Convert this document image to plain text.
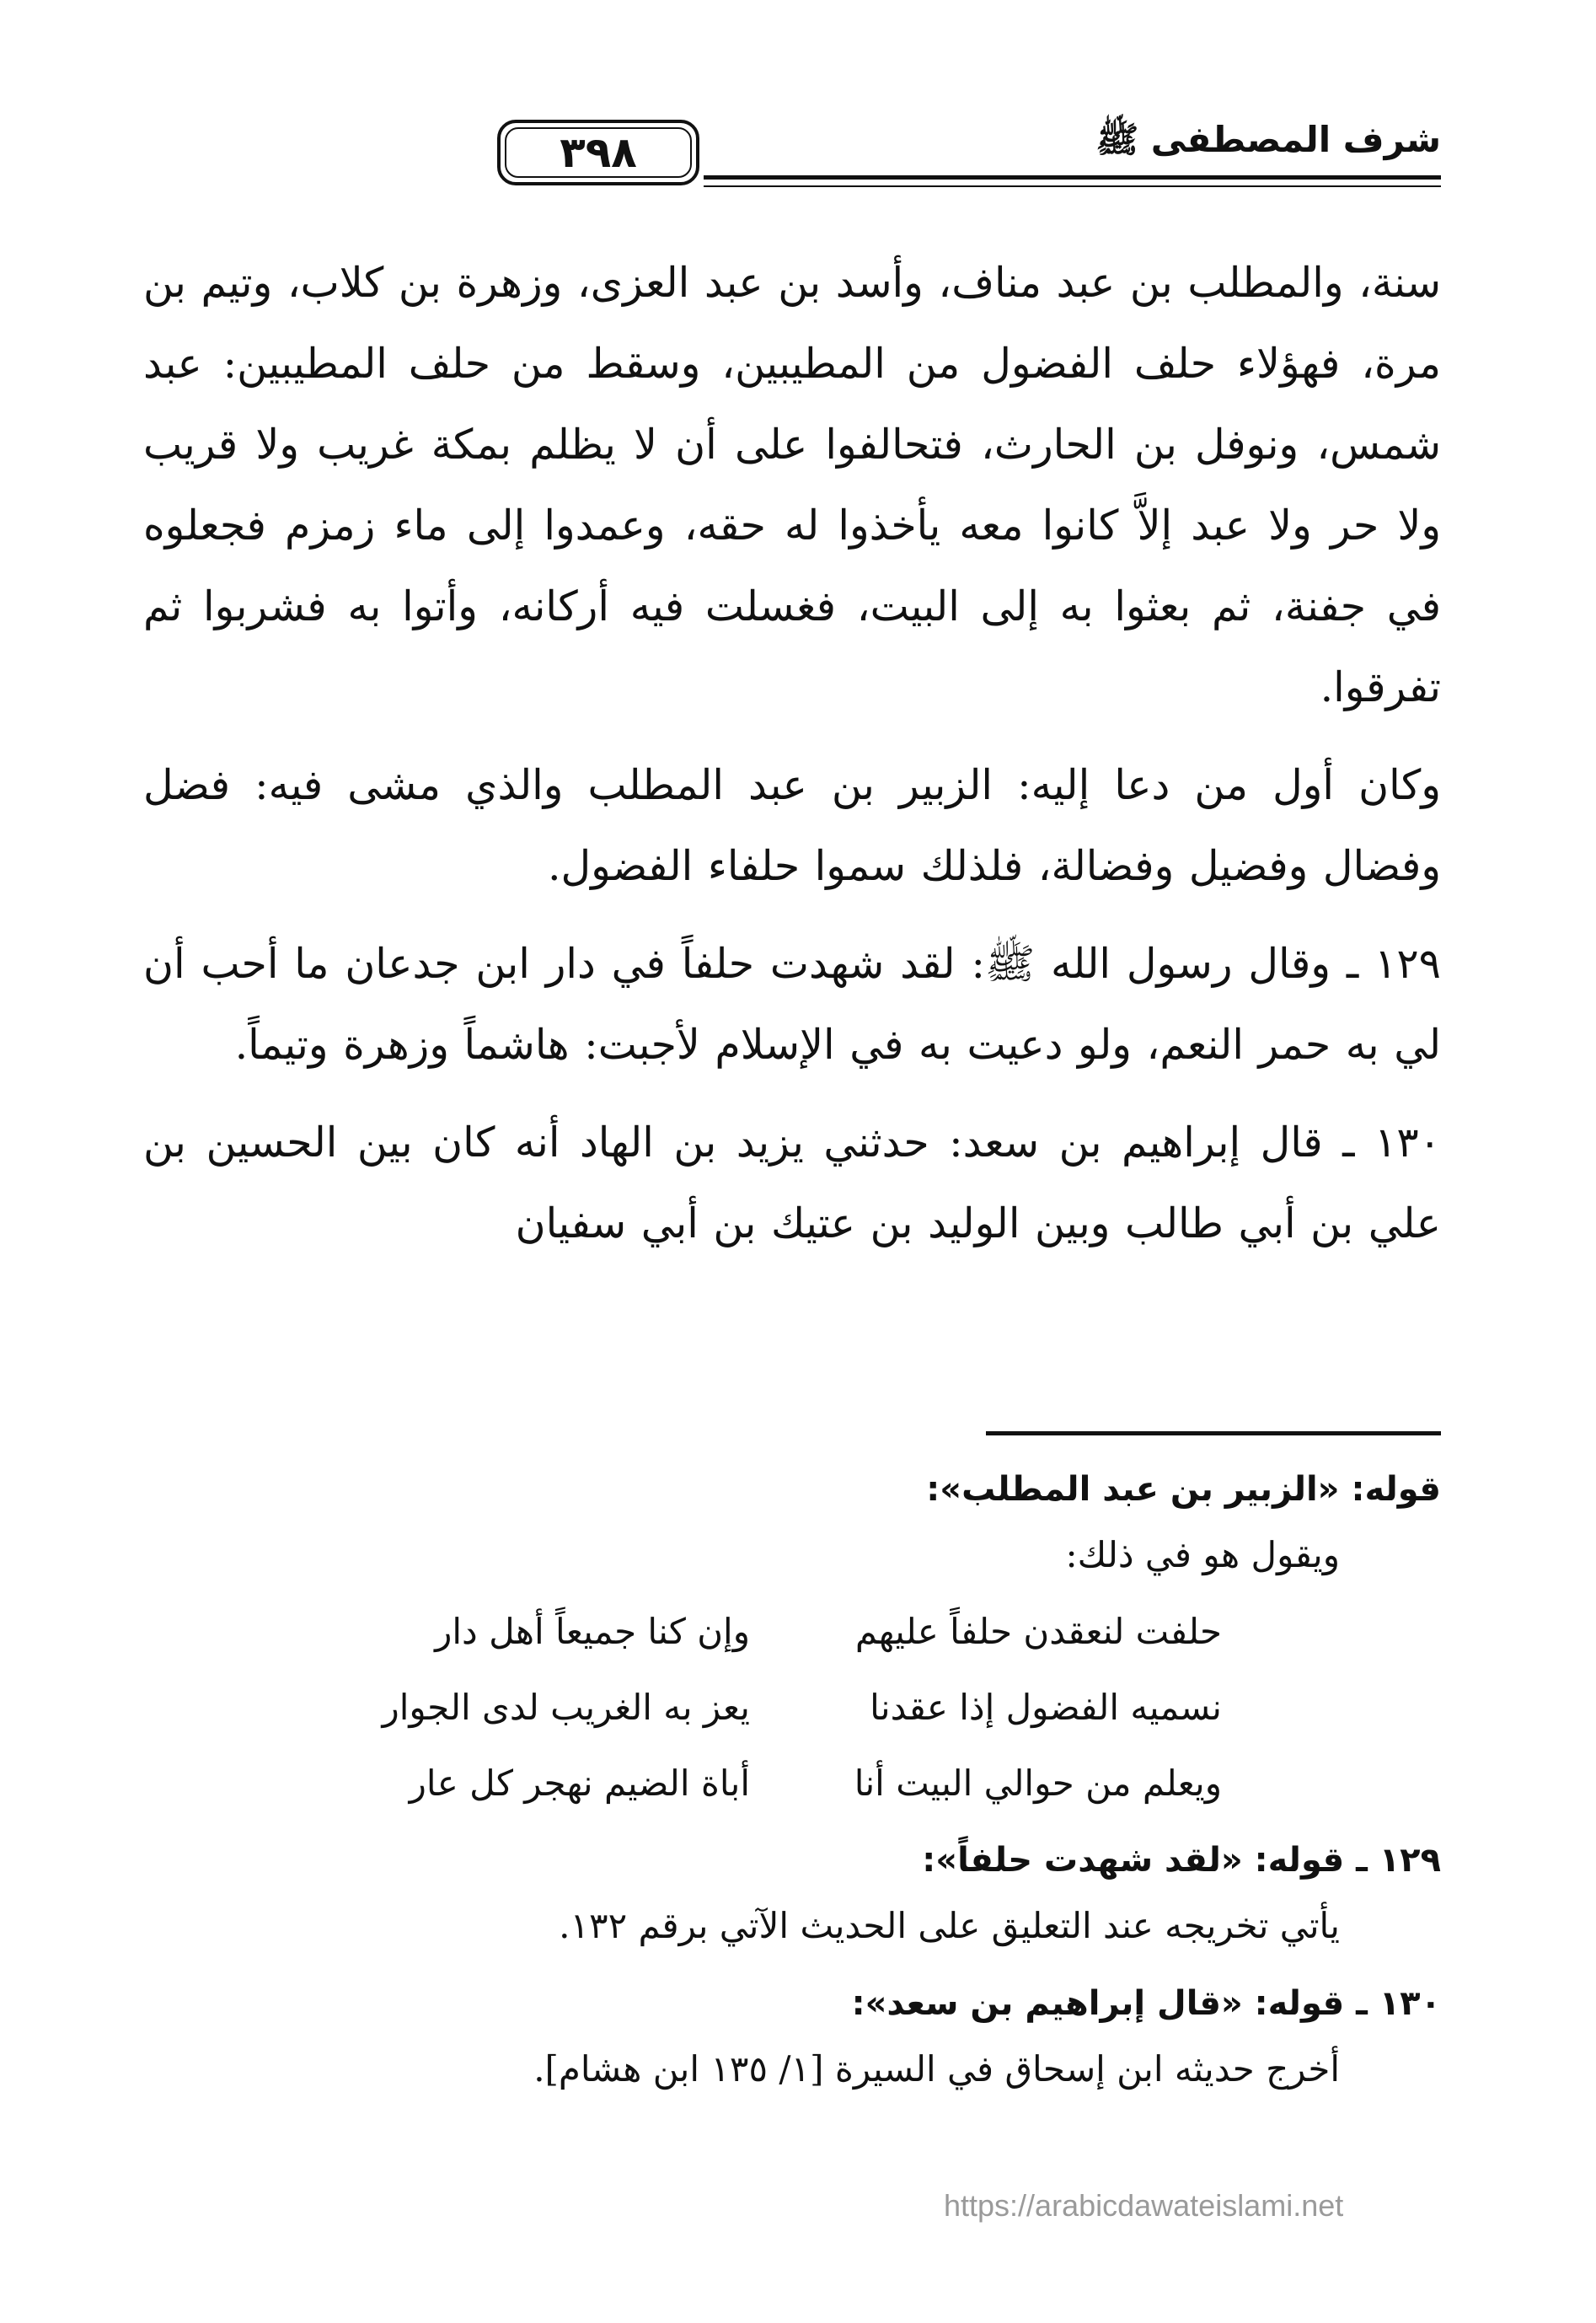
شرف المصطفى ﷺ
٣٩٨

سنة، والمطلب بن عبد مناف، وأسد بن عبد العزى، وزهرة بن كلاب، وتيم بن مرة، فهؤلاء حلف الفضول من المطيبين، وسقط من حلف المطيبين: عبد شمس، ونوفل بن الحارث، فتحالفوا على أن لا يظلم بمكة غريب ولا قريب ولا حر ولا عبد إلاَّ كانوا معه يأخذوا له حقه، وعمدوا إلى ماء زمزم فجعلوه في جفنة، ثم بعثوا به إلى البيت، فغسلت فيه أركانه، وأتوا به فشربوا ثم تفرقوا.

وكان أول من دعا إليه: الزبير بن عبد المطلب والذي مشى فيه: فضل وفضال وفضيل وفضالة، فلذلك سموا حلفاء الفضول.

١٢٩ ـ وقال رسول الله ﷺ: لقد شهدت حلفاً في دار ابن جدعان ما أحب أن لي به حمر النعم، ولو دعيت به في الإسلام لأجبت: هاشماً وزهرة وتيماً.

١٣٠ ـ قال إبراهيم بن سعد: حدثني يزيد بن الهاد أنه كان بين الحسين بن علي بن أبي طالب وبين الوليد بن عتيك بن أبي سفيان

قوله: «الزبير بن عبد المطلب»:

ويقول هو في ذلك:

حلفت لنعقدن حلفاً عليهم
وإن كنا جميعاً أهل دار
نسميه الفضول إذا عقدنا
يعز به الغريب لدى الجوار
ويعلم من حوالي البيت أنا
أباة الضيم نهجر كل عار

١٢٩ ـ قوله: «لقد شهدت حلفاً»:

يأتي تخريجه عند التعليق على الحديث الآتي برقم ١٣٢.

١٣٠ ـ قوله: «قال إبراهيم بن سعد»:

أخرج حديثه ابن إسحاق في السيرة [١/ ١٣٥ ابن هشام].

https://arabicdawateislami.net
